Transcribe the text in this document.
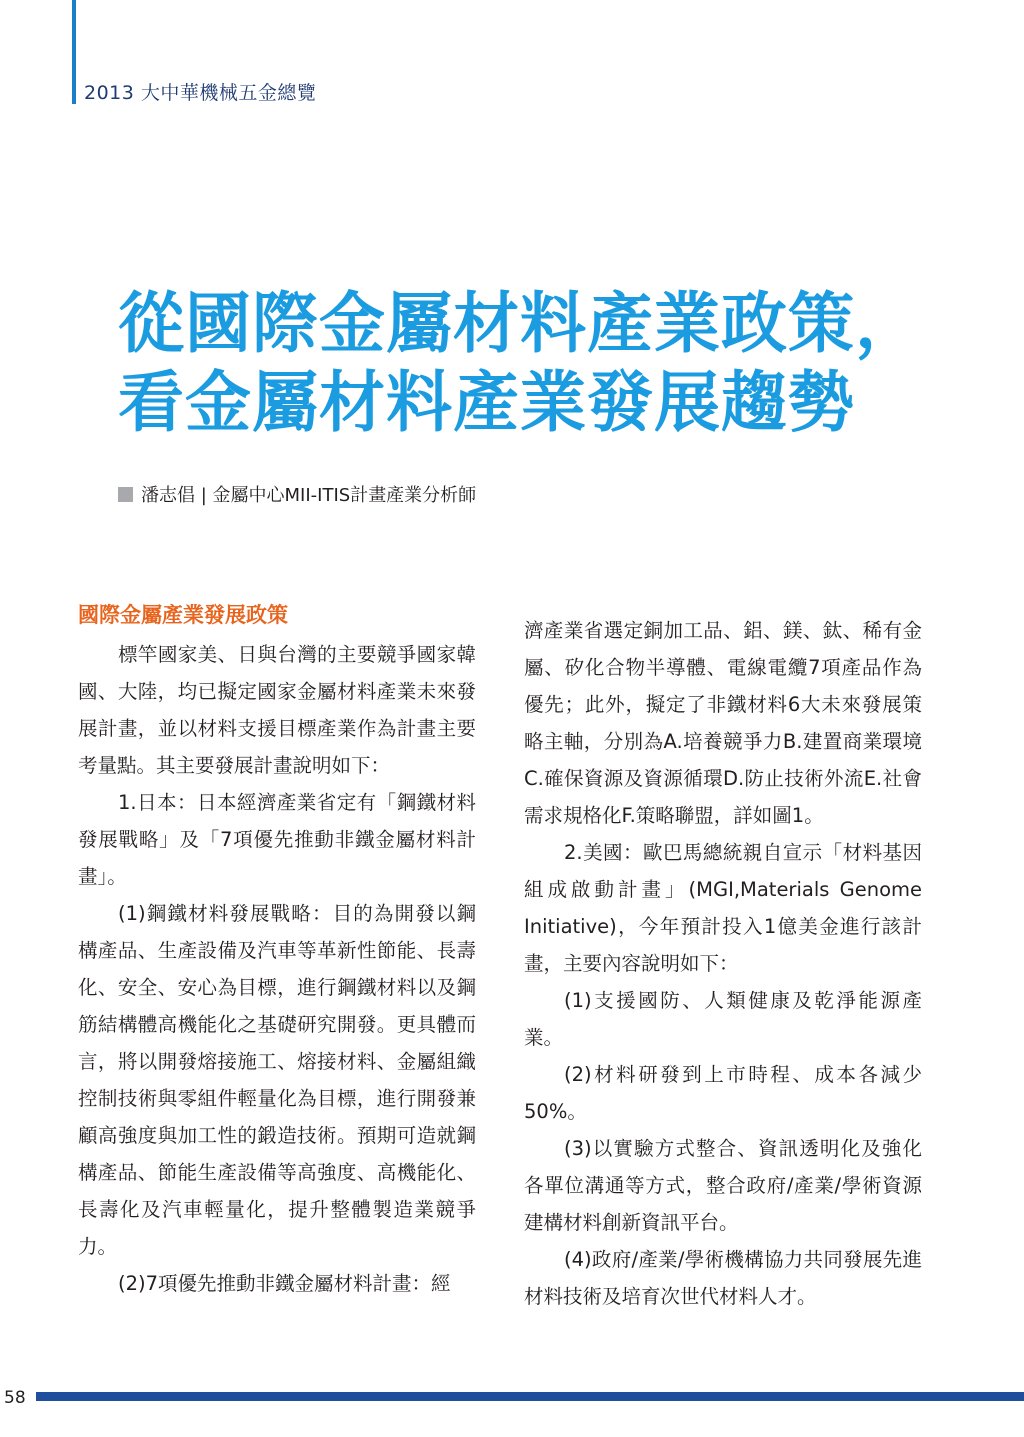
2013 大中華機械五金總覽
從國際金屬材料產業政策，
看金屬材料產業發展趨勢
潘志倡 | 金屬中心MII-ITIS計畫產業分析師
國際金屬產業發展政策

標竿國家美、日與台灣的主要競爭國家韓國、大陸，均已擬定國家金屬材料產業未來發展計畫，並以材料支援目標產業作為計畫主要考量點。其主要發展計畫說明如下：

1.日本：日本經濟產業省定有「鋼鐵材料發展戰略」及「7項優先推動非鐵金屬材料計畫」。

(1)鋼鐵材料發展戰略：目的為開發以鋼構產品、生產設備及汽車等革新性節能、長壽化、安全、安心為目標，進行鋼鐵材料以及鋼筋結構體高機能化之基礎研究開發。更具體而言，將以開發熔接施工、熔接材料、金屬組織控制技術與零組件輕量化為目標，進行開發兼顧高強度與加工性的鍛造技術。預期可造就鋼構產品、節能生產設備等高強度、高機能化、長壽化及汽車輕量化，提升整體製造業競爭力。

(2)7項優先推動非鐵金屬材料計畫：經

濟產業省選定銅加工品、鋁、鎂、鈦、稀有金屬、矽化合物半導體、電線電纜7項產品作為優先；此外，擬定了非鐵材料6大未來發展策略主軸，分別為A.培養競爭力B.建置商業環境C.確保資源及資源循環D.防止技術外流E.社會需求規格化F.策略聯盟，詳如圖1。

2.美國：歐巴馬總統親自宣示「材料基因組成啟動計畫」(MGI,Materials Genome Initiative)，今年預計投入1億美金進行該計畫，主要內容說明如下：

(1)支援國防、人類健康及乾淨能源產業。

(2)材料研發到上市時程、成本各減少50%。

(3)以實驗方式整合、資訊透明化及強化各單位溝通等方式，整合政府/產業/學術資源建構材料創新資訊平台。

(4)政府/產業/學術機構協力共同發展先進材料技術及培育次世代材料人才。

58
